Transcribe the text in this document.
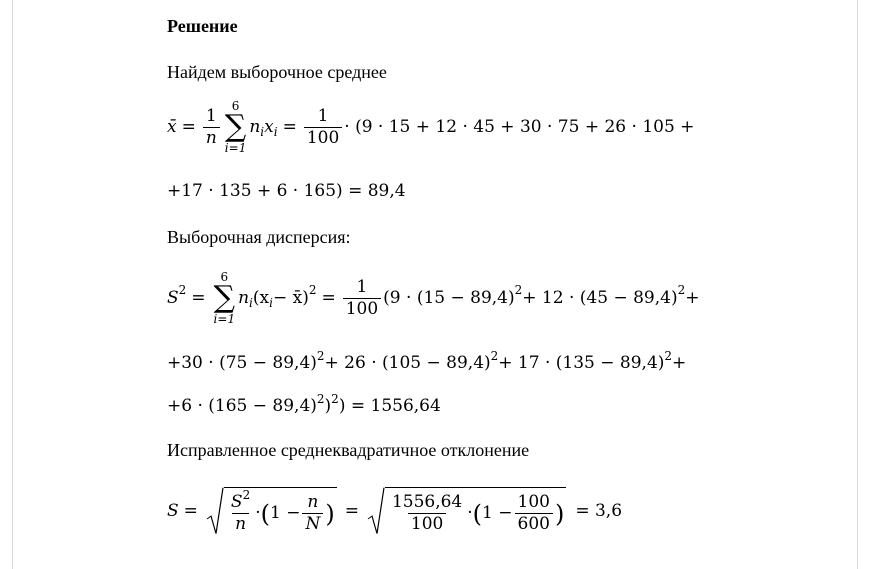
Решение
Найдем выборочное среднее
x̄ = $\frac{1}{n}$
6
∑
i=1
n i x $i = \frac{1}{100} \cdot (9 \cdot 15 + 12 \cdot 45 + 30 \cdot 75 + 26 \cdot 105$ +
+17 · 135 + 6 · 165) = 89,4
Выборочная дисперсия:
S 2 =
6
∑
i=1
n i (x i − x̄) $2 = \frac{1}{100} (9 \cdot (15 - 89,4) 2 + 12 \cdot (45 - 89,4) 2$ +
+30 · (75 − 89,4) 2 + 26 · (105 − 89,4) 2 + 17 · (135 − 89,4) 2 +
+6 · (165 − 89,4) 2 ) 2 ) = 1556,64
Исправленное среднеквадратичное отклонение
$S = \frac{S^2}{n}$ · ( $1 - \frac{n}{N}$ ) = $\frac{1556,64}{100}$ · ( $1 - \frac{100}{600}$ ) = 3,6
